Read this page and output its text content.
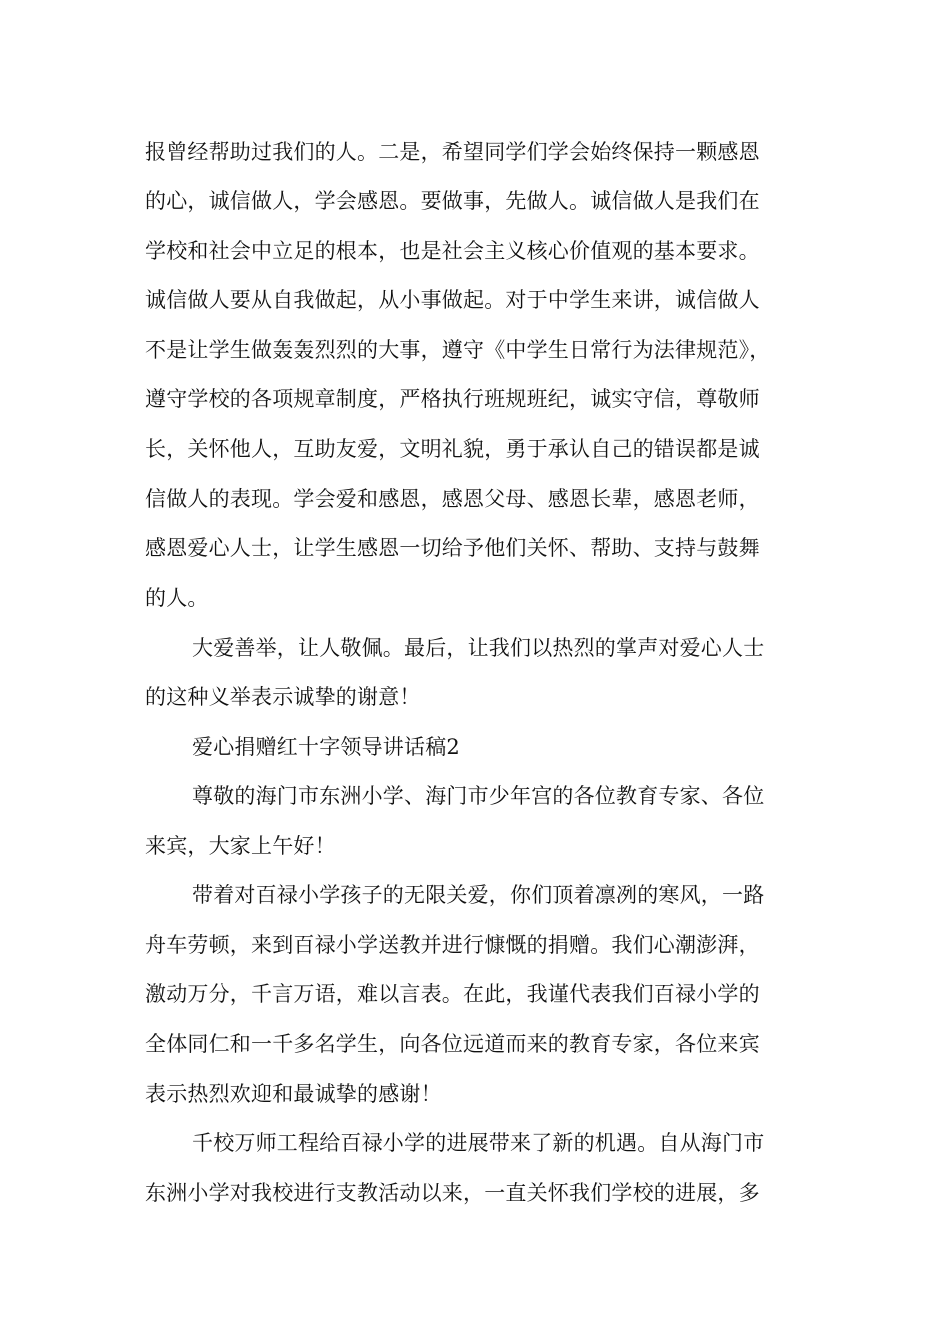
报曾经帮助过我们的人。二是，希望同学们学会始终保持一颗感恩
的心，诚信做人，学会感恩。要做事，先做人。诚信做人是我们在
学校和社会中立足的根本，也是社会主义核心价值观的基本要求。
诚信做人要从自我做起，从小事做起。对于中学生来讲，诚信做人
不是让学生做轰轰烈烈的大事，遵守《中学生日常行为法律规范》，
遵守学校的各项规章制度，严格执行班规班纪，诚实守信，尊敬师
长，关怀他人，互助友爱，文明礼貌，勇于承认自己的错误都是诚
信做人的表现。学会爱和感恩，感恩父母、感恩长辈，感恩老师，
感恩爱心人士，让学生感恩一切给予他们关怀、帮助、支持与鼓舞
的人。
大爱善举，让人敬佩。最后，让我们以热烈的掌声对爱心人士
的这种义举表示诚挚的谢意！
爱心捐赠红十字领导讲话稿2
尊敬的海门市东洲小学、海门市少年宫的各位教育专家、各位
来宾，大家上午好！
带着对百禄小学孩子的无限关爱，你们顶着凛冽的寒风，一路
舟车劳顿，来到百禄小学送教并进行慷慨的捐赠。我们心潮澎湃，
激动万分，千言万语，难以言表。在此，我谨代表我们百禄小学的
全体同仁和一千多名学生，向各位远道而来的教育专家，各位来宾
表示热烈欢迎和最诚挚的感谢！
千校万师工程给百禄小学的进展带来了新的机遇。自从海门市
东洲小学对我校进行支教活动以来，一直关怀我们学校的进展，多
